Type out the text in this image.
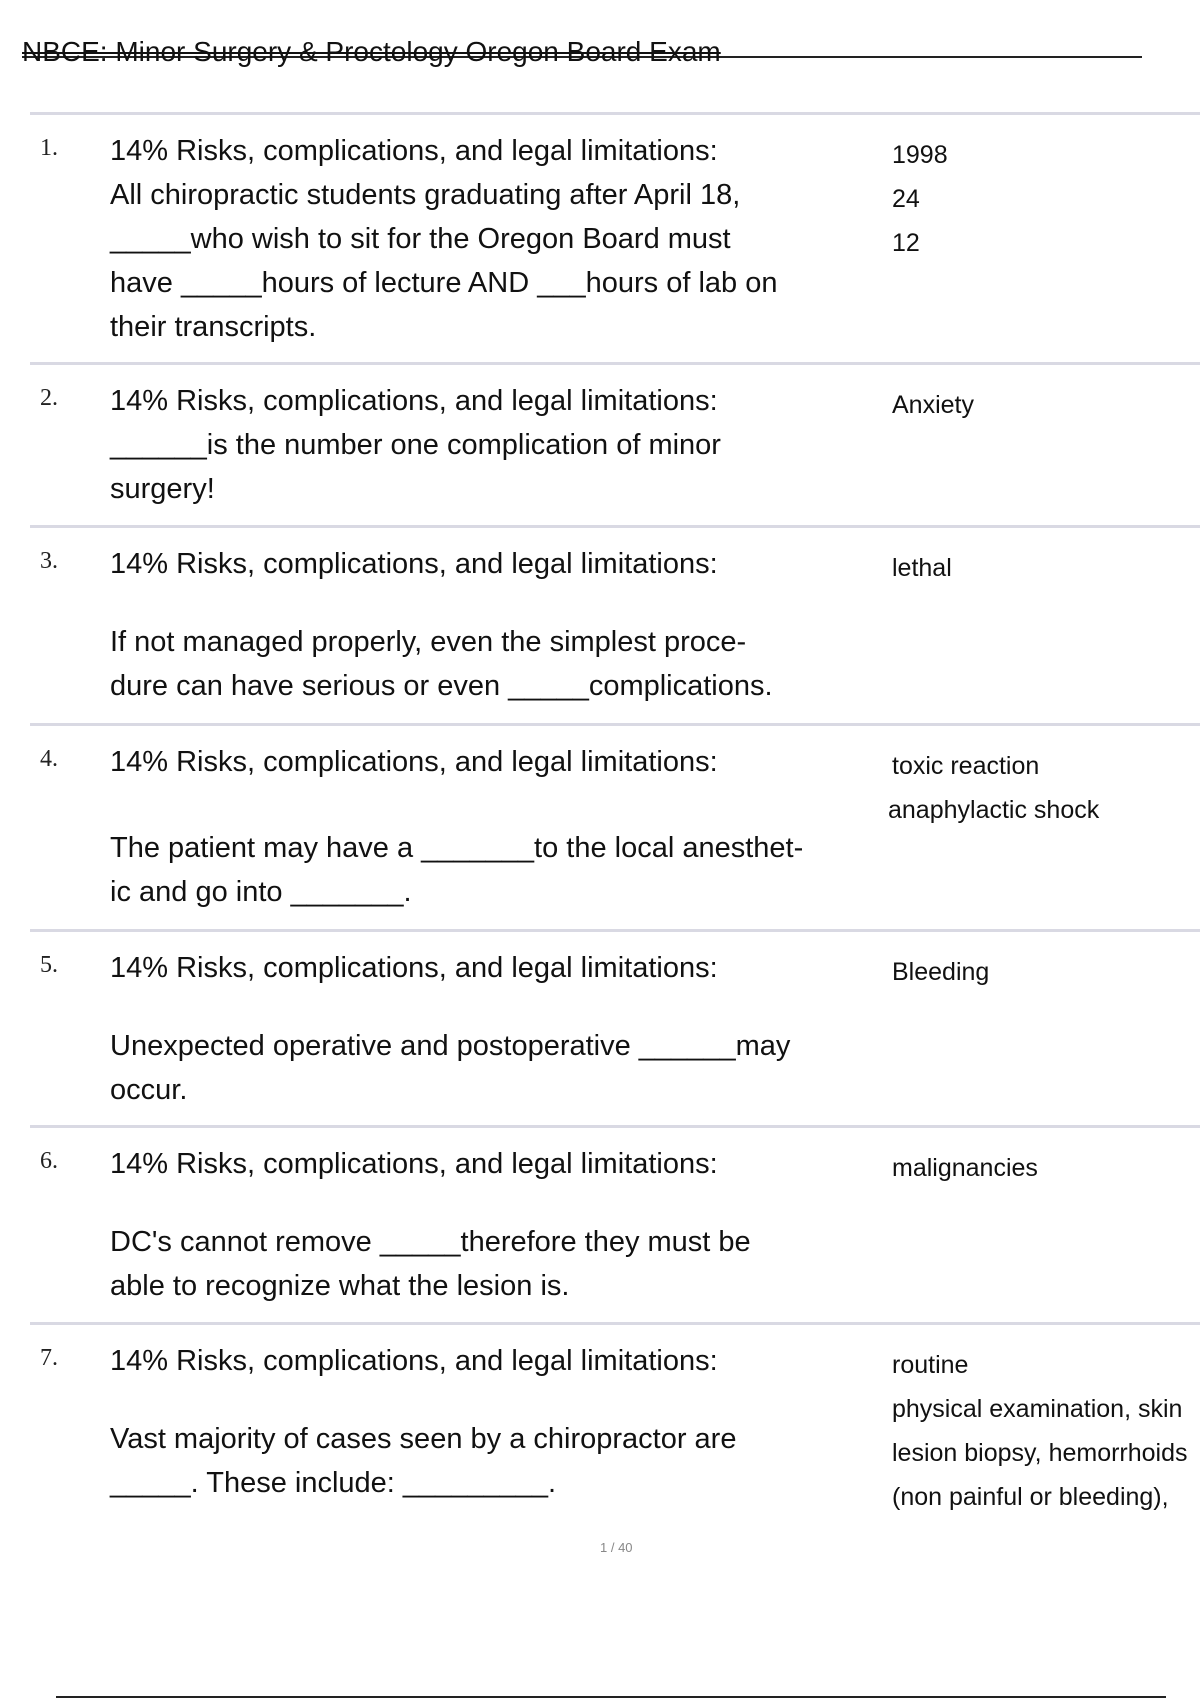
NBCE: Minor Surgery & Proctology Oregon Board Exam
1. 14% Risks, complications, and legal limitations:
All chiropractic students graduating after April 18,
_____who wish to sit for the Oregon Board must
have _____hours of lecture AND ___hours of lab on
their transcripts.
1998
24
12
2. 14% Risks, complications, and legal limitations:
______is the number one complication of minor
surgery!
Anxiety
3. 14% Risks, complications, and legal limitations:
If not managed properly, even the simplest proce-
dure can have serious or even _____complications.
lethal
4. 14% Risks, complications, and legal limitations:
The patient may have a _______to the local anesthet-
ic and go into _______.
toxic reaction
anaphylactic shock
5. 14% Risks, complications, and legal limitations:
Unexpected operative and postoperative ______may
occur.
Bleeding
6. 14% Risks, complications, and legal limitations:
DC's cannot remove _____therefore they must be
able to recognize what the lesion is.
malignancies
7. 14% Risks, complications, and legal limitations:
Vast majority of cases seen by a chiropractor are
_____. These include: _________.
routine
physical examination, skin
lesion biopsy, hemorrhoids
(non painful or bleeding),
1 / 40
